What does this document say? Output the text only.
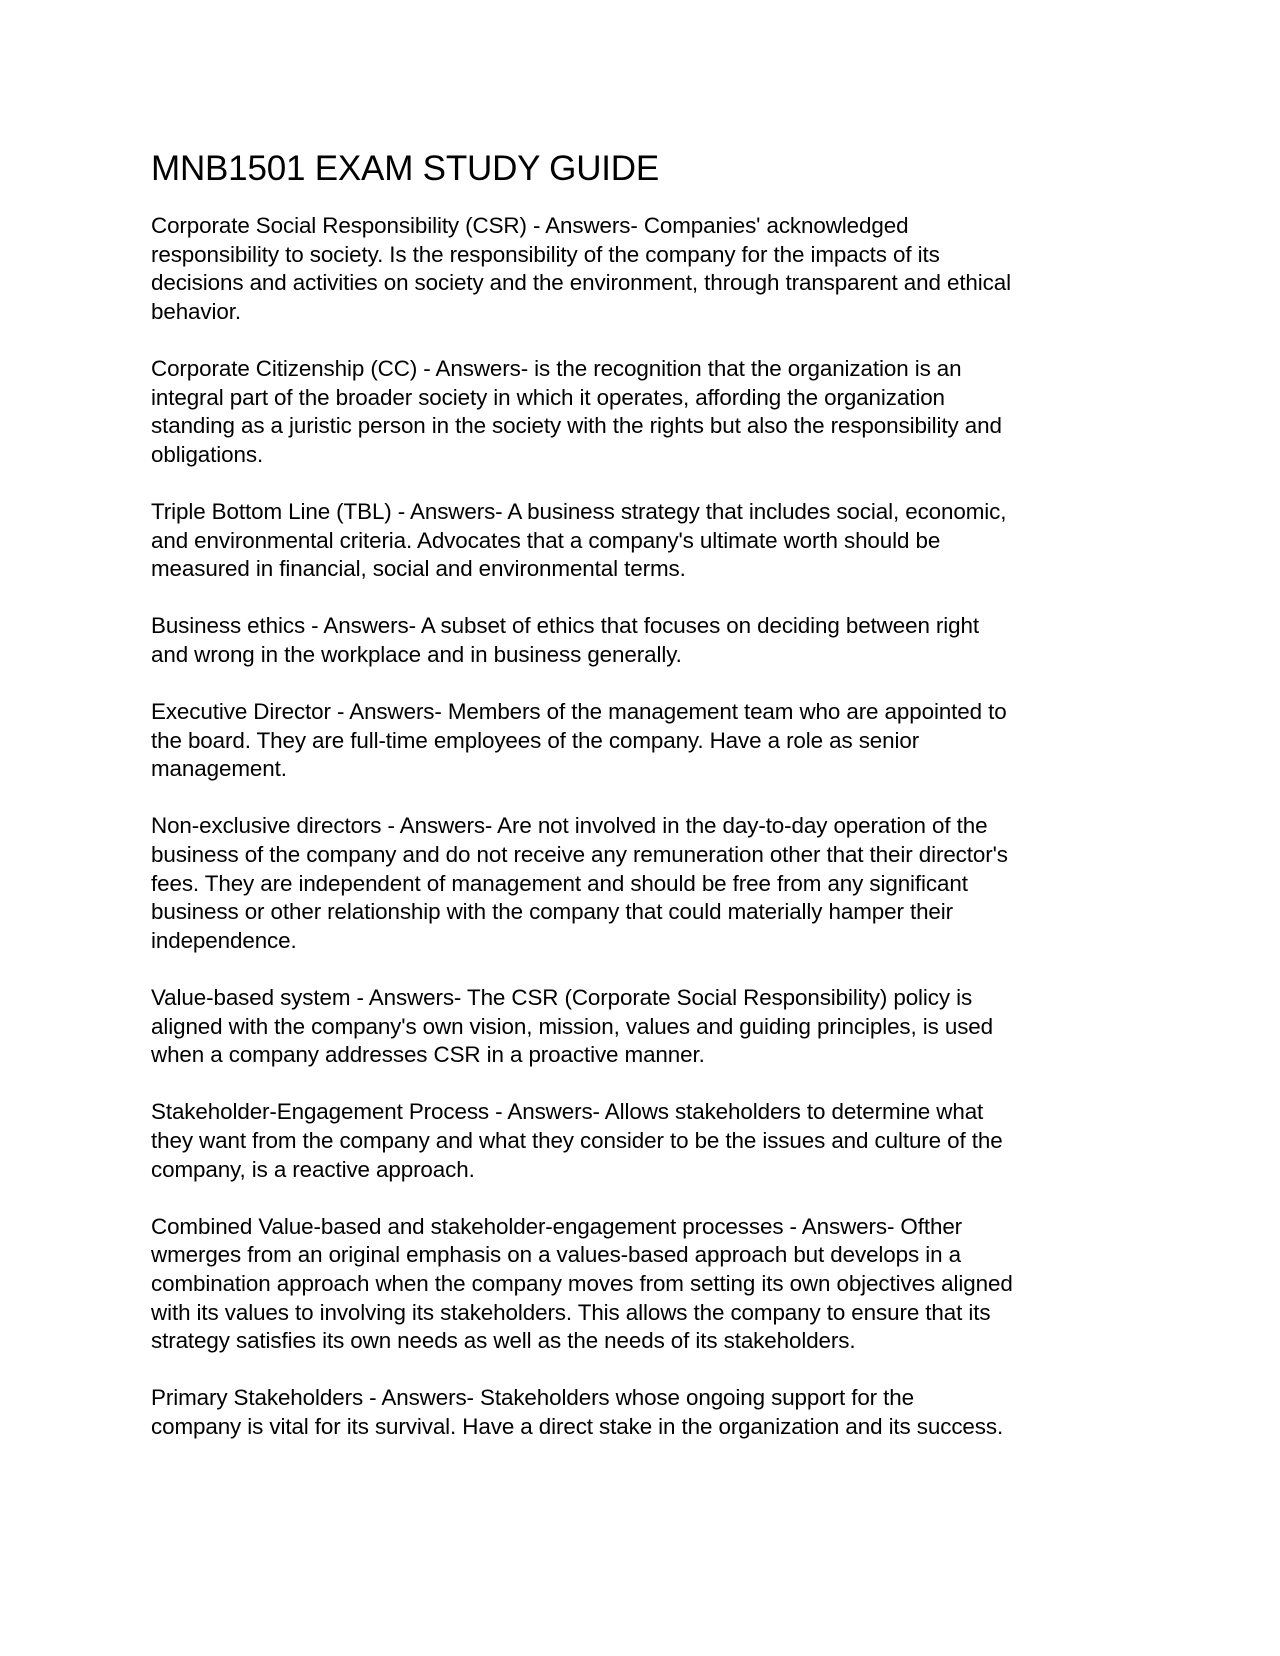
MNB1501 EXAM STUDY GUIDE

Corporate Social Responsibility (CSR) - Answers- Companies' acknowledged
responsibility to society. Is the responsibility of the company for the impacts of its
decisions and activities on society and the environment, through transparent and ethical
behavior.

Corporate Citizenship (CC) - Answers- is the recognition that the organization is an
integral part of the broader society in which it operates, affording the organization
standing as a juristic person in the society with the rights but also the responsibility and
obligations.

Triple Bottom Line (TBL) - Answers- A business strategy that includes social, economic,
and environmental criteria. Advocates that a company's ultimate worth should be
measured in financial, social and environmental terms.

Business ethics - Answers- A subset of ethics that focuses on deciding between right
and wrong in the workplace and in business generally.

Executive Director - Answers- Members of the management team who are appointed to
the board. They are full-time employees of the company. Have a role as senior
management.

Non-exclusive directors - Answers- Are not involved in the day-to-day operation of the
business of the company and do not receive any remuneration other that their director's
fees. They are independent of management and should be free from any significant
business or other relationship with the company that could materially hamper their
independence.

Value-based system - Answers- The CSR (Corporate Social Responsibility) policy is
aligned with the company's own vision, mission, values and guiding principles, is used
when a company addresses CSR in a proactive manner.

Stakeholder-Engagement Process - Answers- Allows stakeholders to determine what
they want from the company and what they consider to be the issues and culture of the
company, is a reactive approach.

Combined Value-based and stakeholder-engagement processes - Answers- Ofther
wmerges from an original emphasis on a values-based approach but develops in a
combination approach when the company moves from setting its own objectives aligned
with its values to involving its stakeholders. This allows the company to ensure that its
strategy satisfies its own needs as well as the needs of its stakeholders.

Primary Stakeholders - Answers- Stakeholders whose ongoing support for the
company is vital for its survival. Have a direct stake in the organization and its success.
